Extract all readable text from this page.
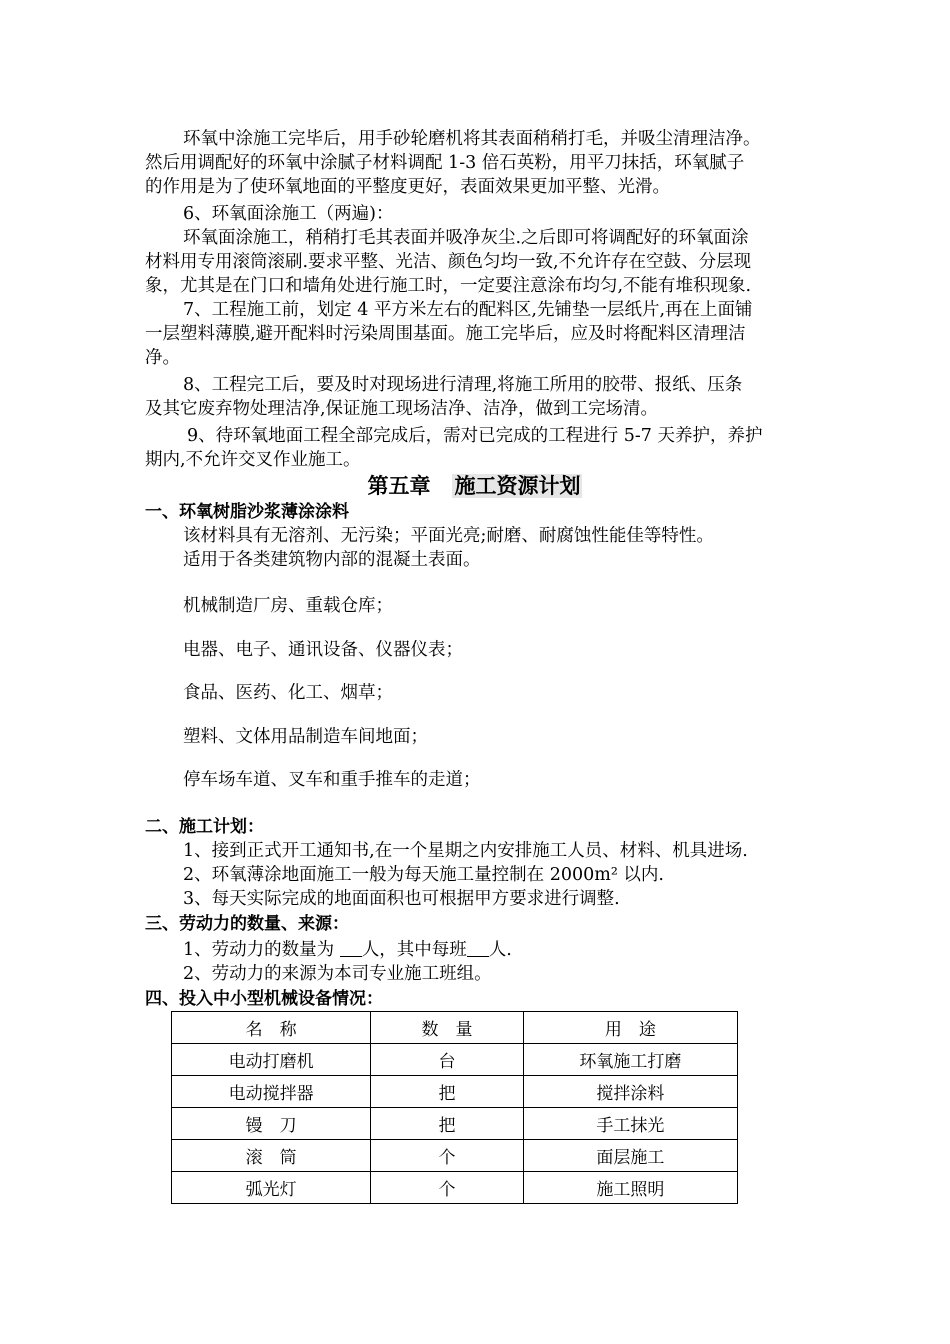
环氧中涂施工完毕后，用手砂轮磨机将其表面稍稍打毛，并吸尘清理洁净。

然后用调配好的环氧中涂腻子材料调配 1-3 倍石英粉，用平刀抹括，环氧腻子

的作用是为了使环氧地面的平整度更好，表面效果更加平整、光滑。

6、环氧面涂施工（两遍)：

环氧面涂施工，稍稍打毛其表面并吸净灰尘.之后即可将调配好的环氧面涂

材料用专用滚筒滚刷.要求平整、光洁、颜色匀均一致,不允许存在空鼓、分层现

象，尤其是在门口和墙角处进行施工时，一定要注意涂布均匀,不能有堆积现象.

7、工程施工前，划定 4 平方米左右的配料区,先铺垫一层纸片,再在上面铺

一层塑料薄膜,避开配料时污染周围基面。施工完毕后，应及时将配料区清理洁

净。

8、工程完工后，要及时对现场进行清理,将施工所用的胶带、报纸、压条

及其它废弃物处理洁净,保证施工现场洁净、洁净，做到工完场清。

9、待环氧地面工程全部完成后，需对已完成的工程进行 5-7 天养护，养护

期内,不允许交叉作业施工。

第五章 施工资源计划

一、环氧树脂沙浆薄涂涂料

该材料具有无溶剂、无污染；平面光亮;耐磨、耐腐蚀性能佳等特性。

适用于各类建筑物内部的混凝土表面。

机械制造厂房、重载仓库；

电器、电子、通讯设备、仪器仪表；

食品、医药、化工、烟草；

塑料、文体用品制造车间地面；

停车场车道、叉车和重手推车的走道；

二、施工计划：

1、接到正式开工通知书,在一个星期之内安排施工人员、材料、机具进场.

2、环氧薄涂地面施工一般为每天施工量控制在 2000m² 以内.

3、每天实际完成的地面面积也可根据甲方要求进行调整.

三、劳动力的数量、来源：

1、劳动力的数量为 人，其中每班 人.

2、劳动力的来源为本司专业施工班组。

四、投入中小型机械设备情况：

名　称	数　量	用　途
电动打磨机	台	环氧施工打磨
电动搅拌器	把	搅拌涂料
镘　刀	把	手工抹光
滚　筒	个	面层施工
弧光灯	个	施工照明
